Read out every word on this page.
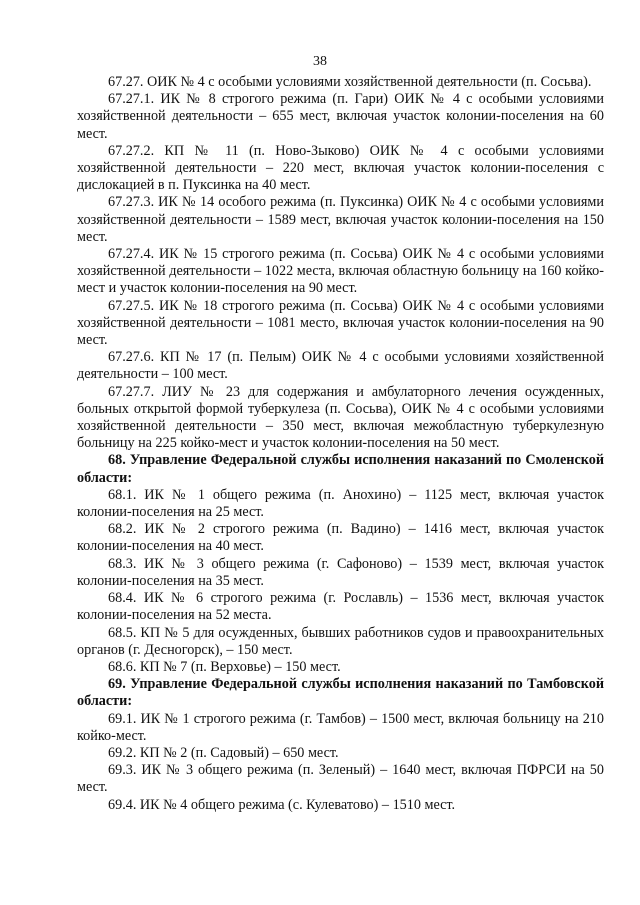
38

67.27. ОИК № 4 с особыми условиями хозяйственной деятельности (п. Сосьва).

67.27.1. ИК № 8 строгого режима (п. Гари) ОИК № 4 с особыми условиями хозяйственной деятельности – 655 мест, включая участок колонии-поселения на 60 мест.

67.27.2. КП № 11 (п. Ново-Зыково) ОИК № 4 с особыми условиями хозяйственной деятельности – 220 мест, включая участок колонии-поселения с дислокацией в п. Пуксинка на 40 мест.

67.27.3. ИК № 14 особого режима (п. Пуксинка) ОИК № 4 с особыми условиями хозяйственной деятельности – 1589 мест, включая участок колонии-поселения на 150 мест.

67.27.4. ИК № 15 строгого режима (п. Сосьва) ОИК № 4 с особыми условиями хозяйственной деятельности – 1022 места, включая областную больницу на 160 койко-мест и участок колонии-поселения на 90 мест.

67.27.5. ИК № 18 строгого режима (п. Сосьва) ОИК № 4 с особыми условиями хозяйственной деятельности – 1081 место, включая участок колонии-поселения на 90 мест.

67.27.6. КП № 17 (п. Пелым) ОИК № 4 с особыми условиями хозяйственной деятельности – 100 мест.

67.27.7. ЛИУ № 23 для содержания и амбулаторного лечения осужденных, больных открытой формой туберкулеза (п. Сосьва), ОИК № 4 с особыми условиями хозяйственной деятельности – 350 мест, включая межобластную туберкулезную больницу на 225 койко-мест и участок колонии-поселения на 50 мест.

68. Управление Федеральной службы исполнения наказаний по Смоленской области:

68.1. ИК № 1 общего режима (п. Анохино) – 1125 мест, включая участок колонии-поселения на 25 мест.

68.2. ИК № 2 строгого режима (п. Вадино) – 1416 мест, включая участок колонии-поселения на 40 мест.

68.3. ИК № 3 общего режима (г. Сафоново) – 1539 мест, включая участок колонии-поселения на 35 мест.

68.4. ИК № 6 строгого режима (г. Рославль) – 1536 мест, включая участок колонии-поселения на 52 места.

68.5. КП № 5 для осужденных, бывших работников судов и правоохранительных органов (г. Десногорск), – 150 мест.

68.6. КП № 7 (п. Верховье) – 150 мест.

69. Управление Федеральной службы исполнения наказаний по Тамбовской области:

69.1. ИК № 1 строгого режима (г. Тамбов) – 1500 мест, включая больницу на 210 койко-мест.

69.2. КП № 2 (п. Садовый) – 650 мест.

69.3. ИК № 3 общего режима (п. Зеленый) – 1640 мест, включая ПФРСИ на 50 мест.

69.4. ИК № 4 общего режима (с. Кулеватово) – 1510 мест.
